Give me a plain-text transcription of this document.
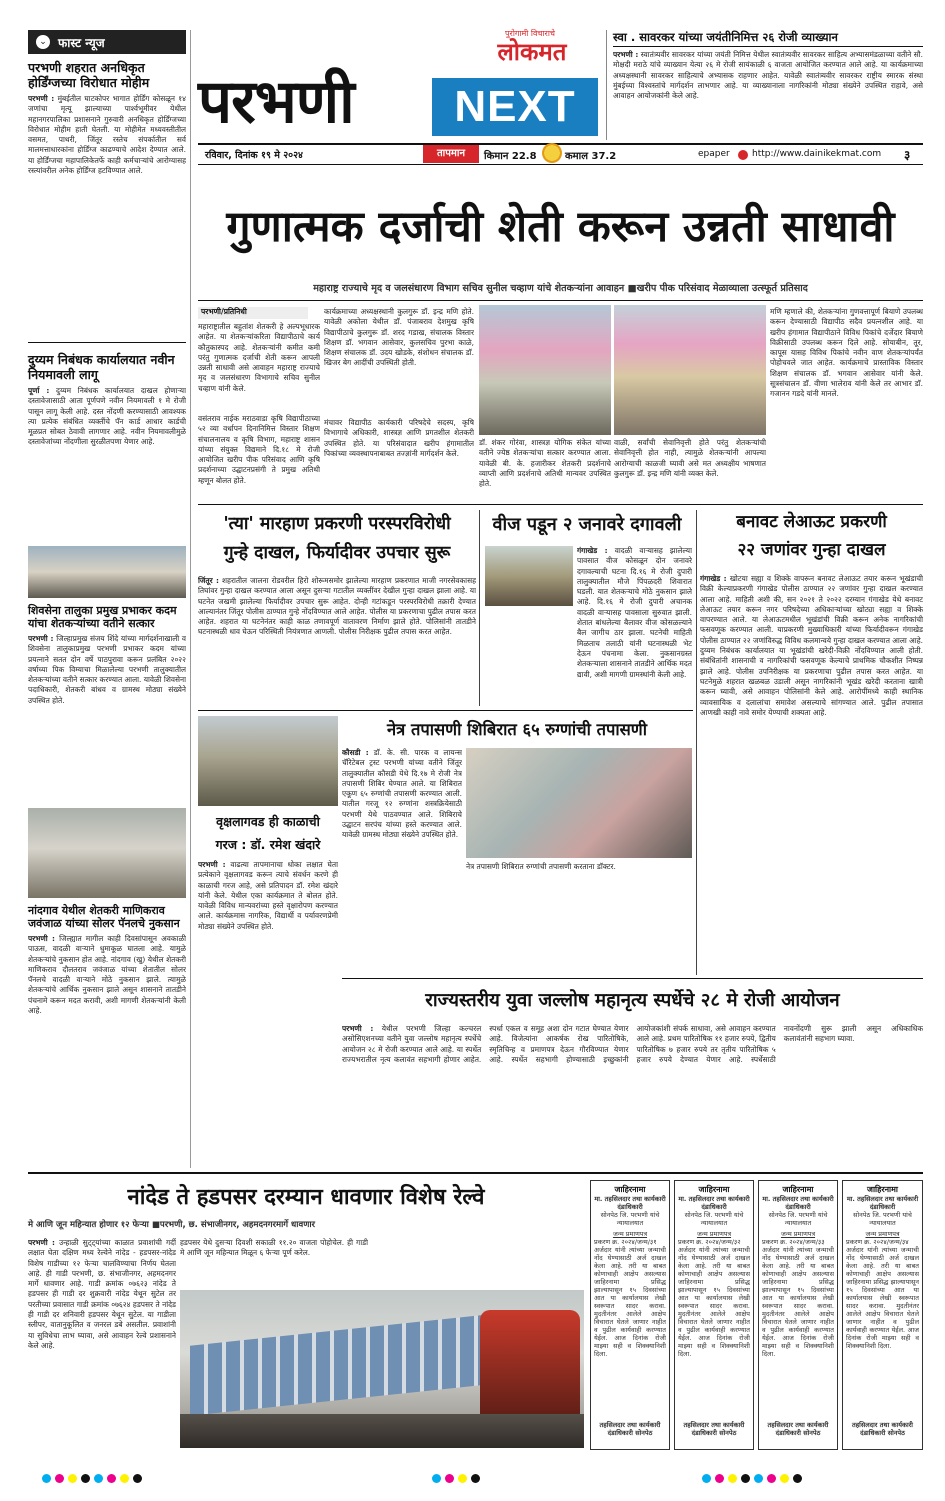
⌄ फास्ट न्यूज
परभणी शहरात अनधिकृत होर्डिंग्जच्या विरोधात मोहीम
परभणी : मुंबईतील घाटकोपर भागात होर्डिंग कोसळून १४ जणांचा मृत्यू झाल्याच्या पार्श्वभूमीवर येथील महानगरपालिका प्रशासनाने गुरुवारी अनधिकृत होर्डिंग्जच्या विरोधात मोहीम हाती घेतली. या मोहीमेत मध्यवस्तीतील वसमत, पाथरी, जिंतूर रस्तेच संपर्कातील सर्व मालमत्ताधारकांना होर्डिंग्ज काढण्याचे आदेश देण्यात आले. या होर्डिंग्जचा महापालिकेतर्फे काही कर्मचाऱ्यांचे आरोग्यासह रस्त्यांवरील अनेक होर्डिंग्ज हटविण्यात आले.
दुय्यम निबंधक कार्यालयात नवीन नियमावली लागू
पूर्णा : दुय्यम निबंधक कार्यालयात दाखल होणाऱ्या दस्तावेजासाठी आता पूर्णपणे नवीन नियमावली १ मे रोजी पासून लागू केली आहे. दस्त नोंदणी करण्यासाठी आवश्यक त्या प्रत्येक संबंधित व्यक्तींचे पॅन कार्ड आधार कार्डची मूळप्रत सोबत ठेवावी लागणार आहे. नवीन नियमावलीमुळे दस्तावेजांच्या नोंदणीला सुरळीतपणा येणार आहे.
शिवसेना तालुका प्रमुख प्रभाकर कदम यांचा शेतकऱ्यांच्या वतीने सत्कार
परभणी : जिल्हाप्रमुख संजय शिंदे यांच्या मार्गदर्शनाखाली व शिवसेना तालुकाप्रमुख परभणी प्रभाकर कदम यांच्या प्रयत्नाने सतत दोन वर्षे पाठपुरावा करून प्रलंबित २०२२ वर्षाच्या पिक विम्याचा मिळालेल्या परभणी तालुक्यातील शेतकऱ्यांच्या वतीने सत्कार करण्यात आला. यावेळी शिवसेना पदाधिकारी, शेतकरी बांधव व ग्रामस्थ मोठ्या संख्येने उपस्थित होते.
नांदगाव येथील शेतकरी माणिकराव जवंजाळ यांच्या सोलर पॅनलचे नुकसान
परभणी : जिल्ह्यात मागील काही दिवसांपासून अवकाळी पाऊस, वादळी वाऱ्याने धुमाकूळ घातला आहे. यामुळे शेतकऱ्यांचे नुकसान होत आहे. नांदगाव (खु) येथील शेतकरी माणिकराव दौलतराव जवंजाळ यांच्या शेतातील सोलर पॅनलचे वादळी वाऱ्याने मोठे नुकसान झाले. त्यामुळे शेतकऱ्यांचे आर्थिक नुकसान झाले असून शासनाने तातडीने पंचनामे करून मदत करावी, अशी मागणी शेतकऱ्यांनी केली आहे.
परभणी
पुरोगामी विचाराचे
लोकमत
NEXT
रविवार, दिनांक १९ मे २०२४	तापमान	किमान 22.8	कमाल 37.2	epaper	http://www.dainikekmat.com	३
स्वा . सावरकर यांच्या जयंतीनिमित्त २६ रोजी व्याख्यान
परभणी : स्वातंत्र्यवीर सावरकर यांच्या जयंती निमित्त येथील स्वातंत्र्यवीर सावरकर साहित्य अभ्यासमंडळाच्या वतीने सौ. मोक्षदी मराठे यांचे व्याख्यान येत्या २६ मे रोजी सायंकाळी ६ वाजता आयोजित करण्यात आले आहे. या कार्यक्रमाच्या अध्यक्षस्थानी सावरकर साहित्याचे अभ्यासक राहणार आहेत. यावेळी स्वातंत्र्यवीर सावरकर राष्ट्रीय स्मारक संस्था मुंबईच्या विश्वस्तांचे मार्गदर्शन लाभणार आहे. या व्याख्यानाला नागरिकांनी मोठ्या संख्येने उपस्थित राहावे, असे आवाहन आयोजकांनी केले आहे.
गुणात्मक दर्जाची शेती करून उन्नती साधावी
महाराष्ट्र राज्याचे मृद व जलसंधारण विभाग सचिव सुनील चव्हाण यांचे शेतकऱ्यांना आवाहन ■खरीप पीक परिसंवाद मेळाव्याला उत्स्फूर्त प्रतिसाद
परभणी/प्रतिनिधी
महाराष्ट्रातील बहुतांश शेतकरी हे अल्पभूधारक आहेत. या शेतकऱ्यांकरिता विद्यापीठाचे कार्य कौतुकास्पद आहे. शेतकऱ्यांनी कमीत कमी परंतु गुणात्मक दर्जाची शेती करून आपली उन्नती साधावी असे आवाहन महाराष्ट्र राज्याचे मृद व जलसंधारण विभागाचे सचिव सुनील चव्हाण यांनी केले.
वसंतराव नाईक मराठवाडा कृषि विद्यापीठाच्या ५२ व्या वर्धापन दिनानिमित्त विस्तार शिक्षण संचालनालय व कृषि विभाग, महाराष्ट्र शासन यांच्या संयुक्त विद्यमाने दि.१८ मे रोजी आयोजित खरीप पीक परिसंवाद आणि कृषि प्रदर्शनाच्या उद्घाटनप्रसंगी ते प्रमुख अतिथी म्हणून बोलत होते.
कार्यक्रमाच्या अध्यक्षस्थानी कुलगुरू डॉ. इन्द्र मणि होते. यावेळी अकोला येथील डॉ. पंजाबराव देशमुख कृषि विद्यापीठाचे कुलगुरू डॉ. शरद गडाख, संचालक विस्तार शिक्षण डॉ. भगवान आसेवार, कुलसचिव पुरभा काळे, शिक्षण संचालक डॉ. उदय खोडके, संशोधन संचालक डॉ. खिजर बेग आदींची उपस्थिती होती.
मंचावर विद्यापीठ कार्यकारी परिषदेचे सदस्य, कृषि विभागाचे अधिकारी, शास्त्रज्ञ आणि प्रगतशील शेतकरी उपस्थित होते. या परिसंवादात खरीप हंगामातील पिकांच्या व्यवस्थापनाबाबत तज्ज्ञांनी मार्गदर्शन केले.
डॉ. शंकर गोरंवा, शास्त्रज्ञ योगिक संकेत यांच्या वतीने ज्येष्ठ शेतकऱ्यांचा सत्कार करण्यात आला. यावेळी बी. के. हजारीकर शेतकरी प्रदर्शनाचे व्याप्ती आणि प्रदर्शनाचे अतिथी मान्यवर उपस्थित होते.
वाळी, सर्वांची सेवानिवृत्ती होते परंतु शेतकऱ्यांची सेवानिवृत्ती होत नाही, त्यामुळे शेतकऱ्यांनी आपल्या आरोग्याची काळजी घ्यावी असे मत अध्यक्षीय भाषणात कुलगुरू डॉ. इन्द्र मणि यांनी व्यक्त केले.
मणि म्हणाले की, शेतकऱ्यांना गुणवत्तापूर्ण बियाणे उपलब्ध करून देण्यासाठी विद्यापीठ सदैव प्रयत्नशील आहे. या खरीप हंगामात विद्यापीठाने विविध पिकांचे दर्जेदार बियाणे विक्रीसाठी उपलब्ध करून दिले आहे. सोयाबीन, तूर, कापूस यासह विविध पिकांचे नवीन वाण शेतकऱ्यांपर्यंत पोहोचवले जात आहेत. कार्यक्रमाचे प्रास्ताविक विस्तार शिक्षण संचालक डॉ. भगवान आसेवार यांनी केले. सूत्रसंचालन डॉ. वीणा भालेराव यांनी केले तर आभार डॉ. गजानन गडदे यांनी मानले.
'त्या' मारहाण प्रकरणी परस्परविरोधी
गुन्हे दाखल, फिर्यादीवर उपचार सुरू
जिंतूर : शहरातील जालना रोडवरील हिरो शोरूमसमोर झालेल्या मारहाण प्रकरणात माजी नगरसेवकासह तिघांवर गुन्हा दाखल करण्यात आला असून दुसऱ्या गटातील व्यक्तींवर देखील गुन्हा दाखल झाला आहे. या घटनेत जखमी झालेल्या फिर्यादीवर उपचार सुरू आहेत. दोन्ही गटांकडून परस्परविरोधी तक्रारी देण्यात आल्यानंतर जिंतूर पोलीस ठाण्यात गुन्हे नोंदविण्यात आले आहेत. पोलीस या प्रकरणाचा पुढील तपास करत आहेत. शहरात या घटनेनंतर काही काळ तणावपूर्ण वातावरण निर्माण झाले होते. पोलिसांनी तातडीने घटनास्थळी धाव घेऊन परिस्थिती नियंत्रणात आणली. पोलीस निरीक्षक पुढील तपास करत आहेत.
वीज पडून २ जनावरे दगावली
गंगाखेड : वादळी वाऱ्यासह झालेल्या पावसात वीज कोसळून दोन जनावरे दगावल्याची घटना दि.१६ मे रोजी दुपारी तालुक्यातील मौजे पिंपळदरी शिवारात घडली. यात शेतकऱ्याचे मोठे नुकसान झाले आहे. दि.१६ मे रोजी दुपारी अचानक वादळी वाऱ्यासह पावसाला सुरुवात झाली. शेतात बांधलेल्या बैलावर वीज कोसळल्याने बैल जागीच ठार झाला. घटनेची माहिती मिळताच तलाठी यांनी घटनास्थळी भेट देऊन पंचनामा केला. नुकसानग्रस्त शेतकऱ्याला शासनाने तातडीने आर्थिक मदत द्यावी, अशी मागणी ग्रामस्थांनी केली आहे.
बनावट लेआऊट प्रकरणी
२२ जणांवर गुन्हा दाखल
गंगाखेड : खोटया सह्या व शिक्के वापरून बनावट लेआऊट तयार करून भूखंडाची विक्री केल्याप्रकरणी गंगाखेड पोलीस ठाण्यात २२ जणांवर गुन्हा दाखल करण्यात आला आहे. माहिती अशी की, सन २०२१ ते २०२२ दरम्यान गंगाखेड येथे बनावट लेआऊट तयार करून नगर परिषदेच्या अधिकाऱ्यांच्या खोट्या सह्या व शिक्के वापरण्यात आले. या लेआऊटमधील भूखंडांची विक्री करून अनेक नागरिकांची फसवणूक करण्यात आली. याप्रकरणी मुख्याधिकारी यांच्या फिर्यादीवरून गंगाखेड पोलीस ठाण्यात २२ जणांविरुद्ध विविध कलमान्वये गुन्हा दाखल करण्यात आला आहे. दुय्यम निबंधक कार्यालयात या भूखंडांची खरेदी-विक्री नोंदविण्यात आली होती. संबंधितांनी शासनाची व नागरिकांची फसवणूक केल्याचे प्राथमिक चौकशीत निष्पन्न झाले आहे. पोलीस उपनिरीक्षक या प्रकरणाचा पुढील तपास करत आहेत. या घटनेमुळे शहरात खळबळ उडाली असून नागरिकांनी भूखंड खरेदी करताना खात्री करून घ्यावी, असे आवाहन पोलिसांनी केले आहे. आरोपींमध्ये काही स्थानिक व्यावसायिक व दलालांचा समावेश असल्याचे सांगण्यात आले. पुढील तपासात आणखी काही नावे समोर येण्याची शक्यता आहे.
नेत्र तपासणी शिबिरात ६५ रुग्णांची तपासणी
कौसडी : डॉ. के. सी. पारक व लायन्स चॅरिटेबल ट्रस्ट परभणी यांच्या वतीने जिंतूर तालुक्यातील कौसडी येथे दि.१७ मे रोजी नेत्र तपासणी शिबिर घेण्यात आले. या शिबिरात एकूण ६५ रुग्णांची तपासणी करण्यात आली. यातील गरजू १२ रुग्णांना शस्त्रक्रियेसाठी परभणी येथे पाठवण्यात आले. शिबिराचे उद्घाटन सरपंच यांच्या हस्ते करण्यात आले. यावेळी ग्रामस्थ मोठ्या संख्येने उपस्थित होते.
नेत्र तपासणी शिबिरात रुग्णांची तपासणी करताना डॉक्टर.
वृक्षलागवड ही काळाची
गरज : डॉ. रमेश खंदारे
परभणी : वाढत्या तापमानाचा धोका लक्षात घेता प्रत्येकाने वृक्षलागवड करून त्याचे संवर्धन करणे ही काळाची गरज आहे, असे प्रतिपादन डॉ. रमेश खंदारे यांनी केले. येथील एका कार्यक्रमात ते बोलत होते. यावेळी विविध मान्यवरांच्या हस्ते वृक्षारोपण करण्यात आले. कार्यक्रमास नागरिक, विद्यार्थी व पर्यावरणप्रेमी मोठ्या संख्येने उपस्थित होते.
राज्यस्तरीय युवा जल्लोष महानृत्य स्पर्धेचे २८ मे रोजी आयोजन
परभणी : येथील परभणी जिल्हा कल्चरल असोसिएशनच्या वतीने युवा जल्लोष महानृत्य स्पर्धेचे आयोजन २८ मे रोजी करण्यात आले आहे. या स्पर्धेत राज्यभरातील नृत्य कलावंत सहभागी होणार आहेत. स्पर्धा एकल व समूह अशा दोन गटात घेण्यात येणार आहे. विजेत्यांना आकर्षक रोख पारितोषिके, स्मृतिचिन्ह व प्रमाणपत्र देऊन गौरविण्यात येणार आहे. स्पर्धेत सहभागी होण्यासाठी इच्छुकांनी आयोजकांशी संपर्क साधावा, असे आवाहन करण्यात आले आहे. प्रथम पारितोषिक ११ हजार रुपये, द्वितीय पारितोषिक ७ हजार रुपये तर तृतीय पारितोषिक ५ हजार रुपये देण्यात येणार आहे. स्पर्धेसाठी नावनोंदणी सुरू झाली असून अधिकाधिक कलावंतांनी सहभाग घ्यावा.
नांदेड ते हडपसर दरम्यान धावणार विशेष रेल्वे
मे आणि जून महिन्यात होणार १२ फेऱ्या ■परभणी, छ. संभाजीनगर, अहमदनगरमार्गे धावणार
परभणी : उन्हाळी सुट्ट्यांच्या काळात प्रवाशांची गर्दी लक्षात घेता दक्षिण मध्य रेल्वेने नांदेड - हडपसर-नांदेड विशेष गाडीच्या १२ फेऱ्या चालविण्याचा निर्णय घेतला आहे. ही गाडी परभणी, छ. संभाजीनगर, अहमदनगर मार्गे धावणार आहे. गाडी क्रमांक ०७६२३ नांदेड ते हडपसर ही गाडी दर शुक्रवारी नांदेड येथून सुटेल तर परतीच्या प्रवासात गाडी क्रमांक ०७६२४ हडपसर ते नांदेड ही गाडी दर शनिवारी हडपसर येथून सुटेल. या गाडीला स्लीपर, वातानुकूलित व जनरल डबे असतील. प्रवाशांनी या सुविधेचा लाभ घ्यावा, असे आवाहन रेल्वे प्रशासनाने केले आहे.
हडपसर येथे दुसऱ्या दिवशी सकाळी ११.२० वाजता पोहोचेल. ही गाडी मे आणि जून महिन्यात मिळून ६ फेऱ्या पूर्ण करेल.
जाहिरनामा
मा. तहसिलदार तथा कार्यकारी दंडाधिकारी
सोनपेठ जि. परभणी यांचे न्यायालयात
जन्म प्रमाणपत्र
प्रकरण क्र. २०२४/जन्म/३१
अर्जदार यांनी त्यांच्या जन्माची नोंद घेण्यासाठी अर्ज दाखल केला आहे. तरी या बाबत कोणाचाही आक्षेप असल्यास जाहिरनामा प्रसिद्ध झाल्यापासून १५ दिवसांच्या आत या कार्यालयास लेखी स्वरूपात सादर करावा. मुदतीनंतर आलेले आक्षेप विचारात घेतले जाणार नाहीत व पुढील कार्यवाही करण्यात येईल. आज दिनांक रोजी माझ्या सही व शिक्क्यानिशी दिला.
तहसिलदार तथा कार्यकारी दंडाधिकारी सोनपेठ
जाहिरनामा
मा. तहसिलदार तथा कार्यकारी दंडाधिकारी
सोनपेठ जि. परभणी यांचे न्यायालयात
जन्म प्रमाणपत्र
प्रकरण क्र. २०२४/जन्म/३२
अर्जदार यांनी त्यांच्या जन्माची नोंद घेण्यासाठी अर्ज दाखल केला आहे. तरी या बाबत कोणाचाही आक्षेप असल्यास जाहिरनामा प्रसिद्ध झाल्यापासून १५ दिवसांच्या आत या कार्यालयास लेखी स्वरूपात सादर करावा. मुदतीनंतर आलेले आक्षेप विचारात घेतले जाणार नाहीत व पुढील कार्यवाही करण्यात येईल. आज दिनांक रोजी माझ्या सही व शिक्क्यानिशी दिला.
तहसिलदार तथा कार्यकारी दंडाधिकारी सोनपेठ
जाहिरनामा
मा. तहसिलदार तथा कार्यकारी दंडाधिकारी
सोनपेठ जि. परभणी यांचे न्यायालयात
जन्म प्रमाणपत्र
प्रकरण क्र. २०२४/जन्म/३३
अर्जदार यांनी त्यांच्या जन्माची नोंद घेण्यासाठी अर्ज दाखल केला आहे. तरी या बाबत कोणाचाही आक्षेप असल्यास जाहिरनामा प्रसिद्ध झाल्यापासून १५ दिवसांच्या आत या कार्यालयास लेखी स्वरूपात सादर करावा. मुदतीनंतर आलेले आक्षेप विचारात घेतले जाणार नाहीत व पुढील कार्यवाही करण्यात येईल. आज दिनांक रोजी माझ्या सही व शिक्क्यानिशी दिला.
तहसिलदार तथा कार्यकारी दंडाधिकारी सोनपेठ
जाहिरनामा
मा. तहसिलदार तथा कार्यकारी दंडाधिकारी
सोनपेठ जि. परभणी यांचे न्यायालयात
जन्म प्रमाणपत्र
प्रकरण क्र. २०२४/जन्म/३४
अर्जदार यांनी त्यांच्या जन्माची नोंद घेण्यासाठी अर्ज दाखल केला आहे. तरी या बाबत कोणाचाही आक्षेप असल्यास जाहिरनामा प्रसिद्ध झाल्यापासून १५ दिवसांच्या आत या कार्यालयास लेखी स्वरूपात सादर करावा. मुदतीनंतर आलेले आक्षेप विचारात घेतले जाणार नाहीत व पुढील कार्यवाही करण्यात येईल. आज दिनांक रोजी माझ्या सही व शिक्क्यानिशी दिला.
तहसिलदार तथा कार्यकारी दंडाधिकारी सोनपेठ
